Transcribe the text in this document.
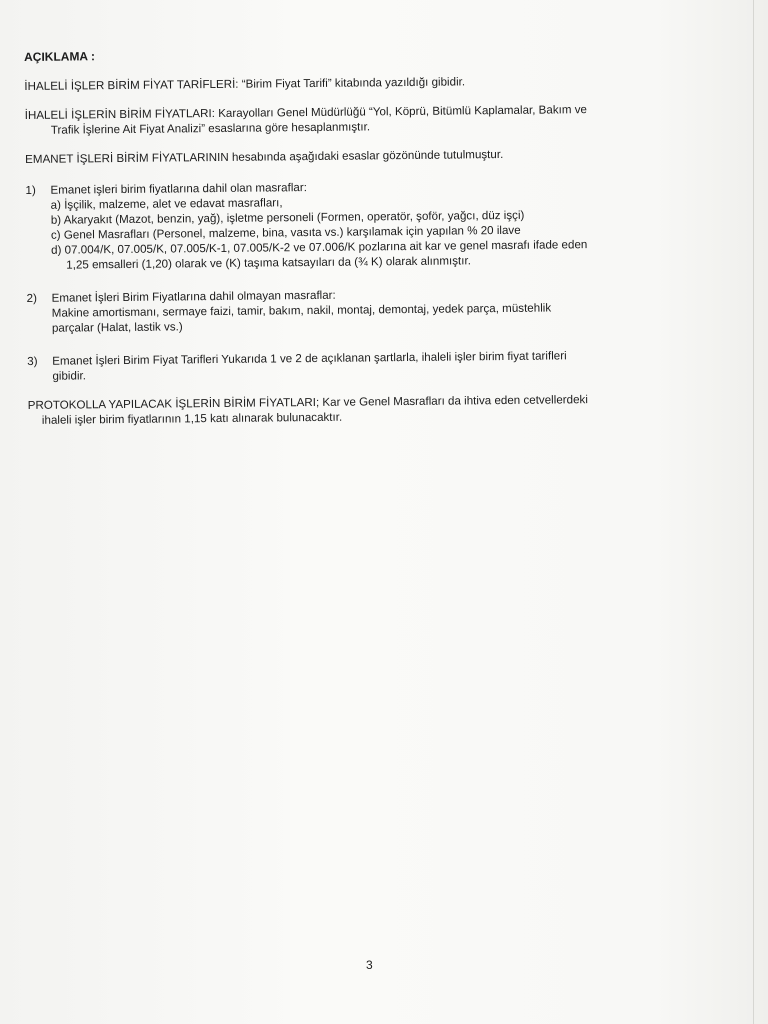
AÇIKLAMA :
İHALELİ İŞLER BİRİM FİYAT TARİFLERİ: “Birim Fiyat Tarifi” kitabında yazıldığı gibidir.
İHALELİ İŞLERİN BİRİM FİYATLARI: Karayolları Genel Müdürlüğü “Yol, Köprü, Bitümlü Kaplamalar, Bakım ve
Trafik İşlerine Ait Fiyat Analizi” esaslarına göre hesaplanmıştır.
EMANET İŞLERİ BİRİM FİYATLARININ hesabında aşağıdaki esaslar gözönünde tutulmuştur.
1)	Emanet işleri birim fiyatlarına dahil olan masraflar:
a) İşçilik, malzeme, alet ve edavat masrafları,
b) Akaryakıt (Mazot, benzin, yağ), işletme personeli (Formen, operatör, şoför, yağcı, düz işçi)
c) Genel Masrafları (Personel, malzeme, bina, vasıta vs.) karşılamak için yapılan % 20 ilave
d) 07.004/K, 07.005/K, 07.005/K-1, 07.005/K-2 ve 07.006/K pozlarına ait kar ve genel masrafı ifade eden
1,25 emsalleri (1,20) olarak ve (K) taşıma katsayıları da (¾ K) olarak alınmıştır.
2)	Emanet İşleri Birim Fiyatlarına dahil olmayan masraflar:
Makine amortismanı, sermaye faizi, tamir, bakım, nakil, montaj, demontaj, yedek parça, müstehlik
parçalar (Halat, lastik vs.)
3)	Emanet İşleri Birim Fiyat Tarifleri Yukarıda 1 ve 2 de açıklanan şartlarla, ihaleli işler birim fiyat tarifleri
gibidir.
PROTOKOLLA YAPILACAK İŞLERİN BİRİM FİYATLARI; Kar ve Genel Masrafları da ihtiva eden cetvellerdeki
ihaleli işler birim fiyatlarının 1,15 katı alınarak bulunacaktır.
3
